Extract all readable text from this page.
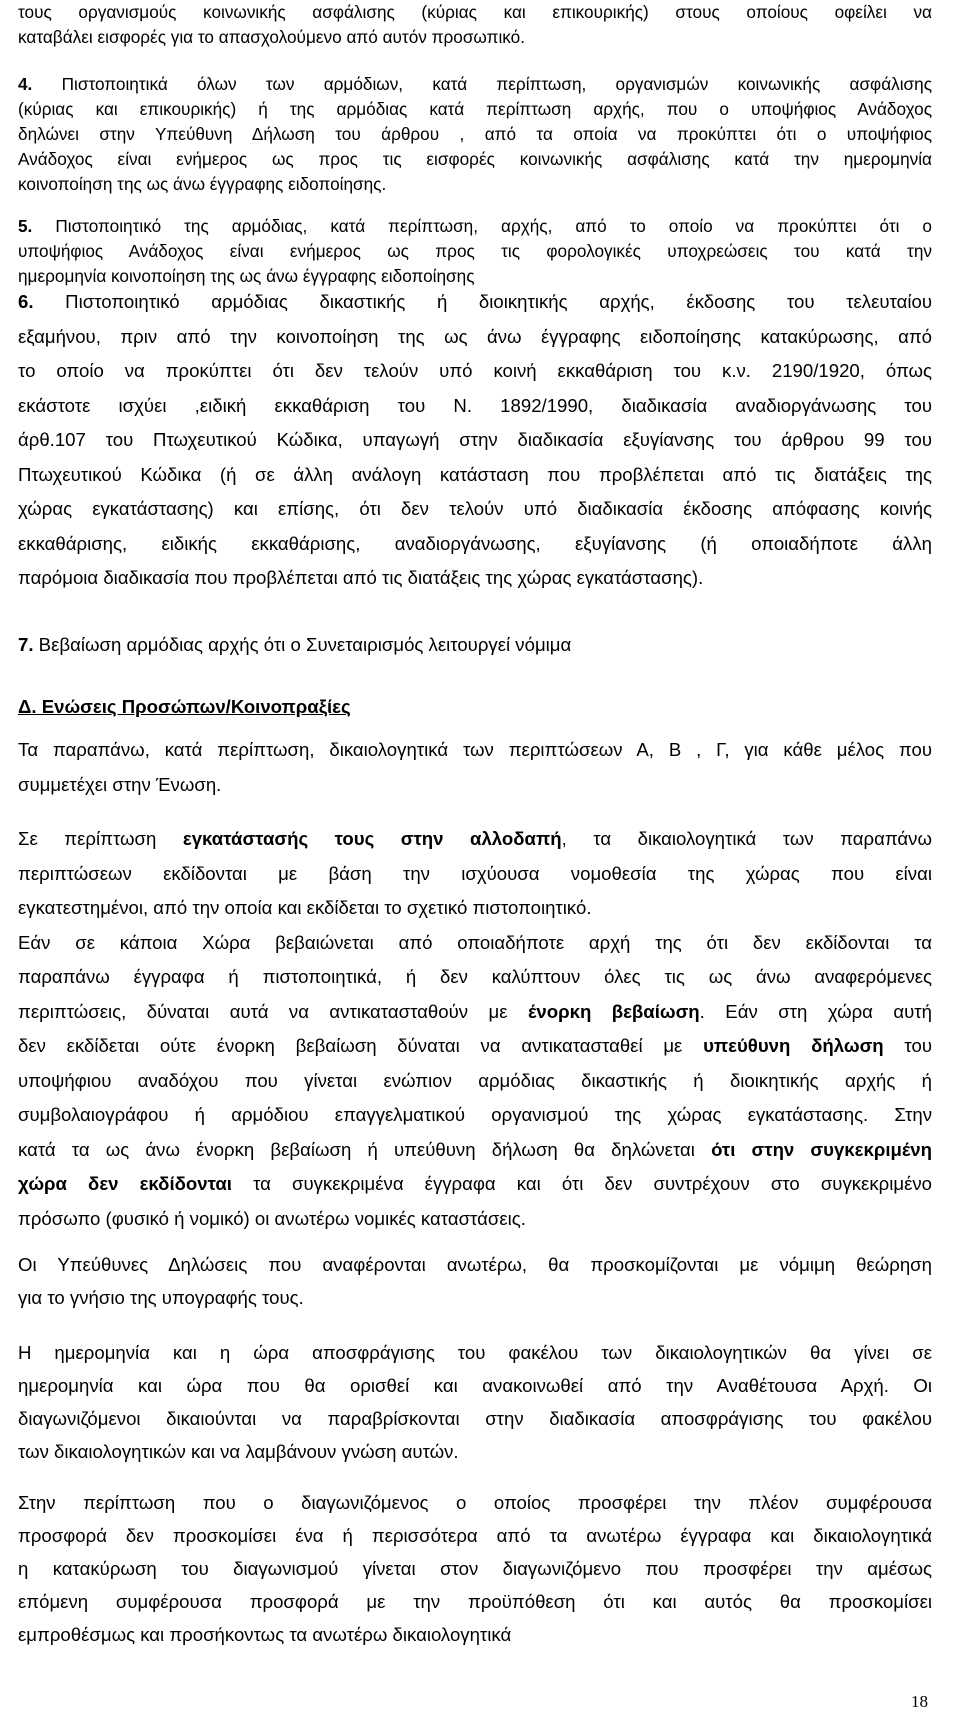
τους οργανισμούς κοινωνικής ασφάλισης (κύριας και επικουρικής) στους οποίους οφείλει να
καταβάλει εισφορές για το απασχολούμενο από αυτόν προσωπικό.
4. Πιστοποιητικά όλων των αρμόδιων, κατά περίπτωση, οργανισμών κοινωνικής ασφάλισης
(κύριας και επικουρικής) ή της αρμόδιας κατά περίπτωση αρχής, που ο υποψήφιος Ανάδοχος
δηλώνει στην Υπεύθυνη Δήλωση του άρθρου , από τα οποία να προκύπτει ότι ο υποψήφιος
Ανάδοχος είναι ενήμερος ως προς τις εισφορές κοινωνικής ασφάλισης κατά την ημερομηνία
κοινοποίηση της ως άνω έγγραφης ειδοποίησης.
5. Πιστοποιητικό της αρμόδιας, κατά περίπτωση, αρχής, από το οποίο να προκύπτει ότι ο
υποψήφιος Ανάδοχος είναι ενήμερος ως προς τις φορολογικές υποχρεώσεις του κατά την
ημερομηνία κοινοποίηση της ως άνω έγγραφης ειδοποίησης
6. Πιστοποιητικό αρμόδιας δικαστικής ή διοικητικής αρχής, έκδοσης του τελευταίου
εξαμήνου, πριν από την κοινοποίηση της ως άνω έγγραφης ειδοποίησης κατακύρωσης, από
το οποίο να προκύπτει ότι δεν τελούν υπό κοινή εκκαθάριση του κ.ν. 2190/1920, όπως
εκάστοτε ισχύει ,ειδική εκκαθάριση του Ν. 1892/1990, διαδικασία αναδιοργάνωσης του
άρθ.107 του Πτωχευτικού Κώδικα, υπαγωγή στην διαδικασία εξυγίανσης του άρθρου 99 του
Πτωχευτικού Κώδικα (ή σε άλλη ανάλογη κατάσταση που προβλέπεται από τις διατάξεις της
χώρας εγκατάστασης) και επίσης, ότι δεν τελούν υπό διαδικασία έκδοσης απόφασης κοινής
εκκαθάρισης, ειδικής εκκαθάρισης, αναδιοργάνωσης, εξυγίανσης (ή οποιαδήποτε άλλη
παρόμοια διαδικασία που προβλέπεται από τις διατάξεις της χώρας εγκατάστασης).
7. Βεβαίωση αρμόδιας αρχής ότι ο Συνεταιρισμός λειτουργεί νόμιμα
Δ. Ενώσεις Προσώπων/Κοινοπραξίες
Τα παραπάνω, κατά περίπτωση, δικαιολογητικά των περιπτώσεων Α, Β , Γ, για κάθε μέλος που
συμμετέχει στην Ένωση.
Σε περίπτωση εγκατάστασής τους στην αλλοδαπή, τα δικαιολογητικά των παραπάνω
περιπτώσεων εκδίδονται με βάση την ισχύουσα νομοθεσία της χώρας που είναι
εγκατεστημένοι, από την οποία και εκδίδεται το σχετικό πιστοποιητικό.
Εάν σε κάποια Χώρα βεβαιώνεται από οποιαδήποτε αρχή της ότι δεν εκδίδονται τα
παραπάνω έγγραφα ή πιστοποιητικά, ή δεν καλύπτουν όλες τις ως άνω αναφερόμενες
περιπτώσεις, δύναται αυτά να αντικατασταθούν με ένορκη βεβαίωση. Εάν στη χώρα αυτή
δεν εκδίδεται ούτε ένορκη βεβαίωση δύναται να αντικατασταθεί με υπεύθυνη δήλωση του
υποψήφιου αναδόχου που γίνεται ενώπιον αρμόδιας δικαστικής ή διοικητικής αρχής ή
συμβολαιογράφου ή αρμόδιου επαγγελματικού οργανισμού της χώρας εγκατάστασης. Στην
κατά τα ως άνω ένορκη βεβαίωση ή υπεύθυνη δήλωση θα δηλώνεται ότι στην συγκεκριμένη
χώρα δεν εκδίδονται τα συγκεκριμένα έγγραφα και ότι δεν συντρέχουν στο συγκεκριμένο
πρόσωπο (φυσικό ή νομικό) οι ανωτέρω νομικές καταστάσεις.
Οι Υπεύθυνες Δηλώσεις που αναφέρονται ανωτέρω, θα προσκομίζονται με νόμιμη θεώρηση
για το γνήσιο της υπογραφής τους.
Η ημερομηνία και η ώρα αποσφράγισης του φακέλου των δικαιολογητικών θα γίνει σε
ημερομηνία και ώρα που θα ορισθεί και ανακοινωθεί από την Αναθέτουσα Αρχή. Οι
διαγωνιζόμενοι δικαιούνται να παραβρίσκονται στην διαδικασία αποσφράγισης του φακέλου
των δικαιολογητικών και να λαμβάνουν γνώση αυτών.
Στην περίπτωση που ο διαγωνιζόμενος ο οποίος προσφέρει την πλέον συμφέρουσα
προσφορά δεν προσκομίσει ένα ή περισσότερα από τα ανωτέρω έγγραφα και δικαιολογητικά
η κατακύρωση του διαγωνισμού γίνεται στον διαγωνιζόμενο που προσφέρει την αμέσως
επόμενη συμφέρουσα προσφορά με την προϋπόθεση ότι και αυτός θα προσκομίσει
εμπροθέσμως και προσήκοντως τα ανωτέρω δικαιολογητικά
18
